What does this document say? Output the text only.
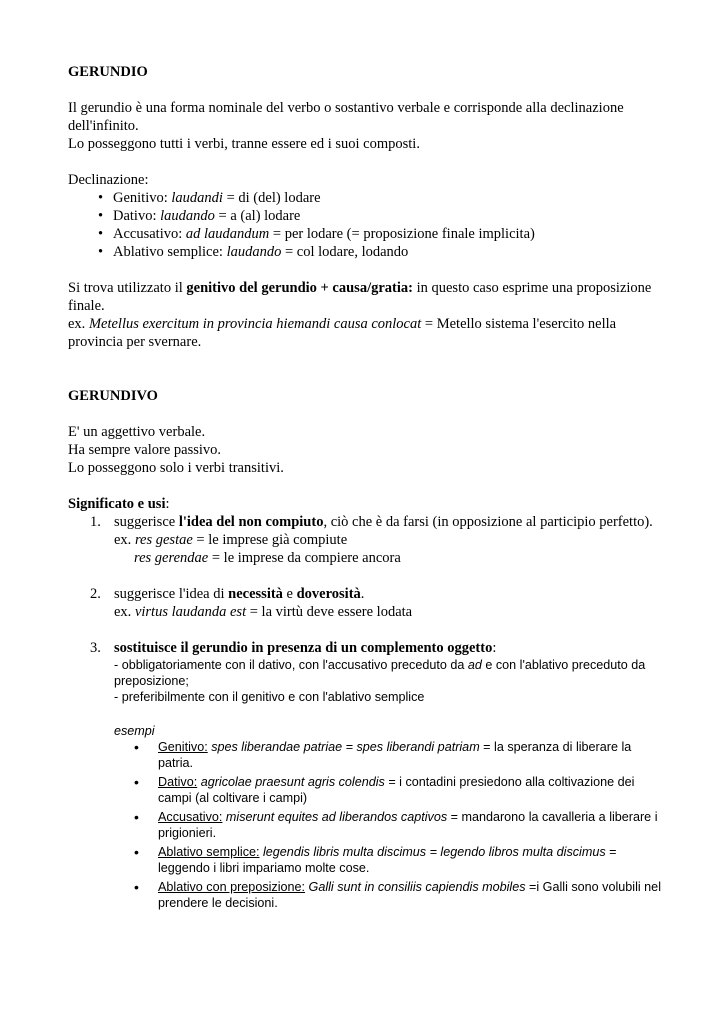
GERUNDIO

Il gerundio è una forma nominale del verbo o sostantivo verbale e corrisponde alla declinazione dell'infinito.

Lo posseggono tutti i verbi, tranne essere ed i suoi composti.

Declinazione:

• Genitivo: laudandi = di (del) lodare
• Dativo: laudando = a (al) lodare
• Accusativo: ad laudandum = per lodare (= proposizione finale implicita)
• Ablativo semplice: laudando = col lodare, lodando

Si trova utilizzato il genitivo del gerundio + causa/gratia: in questo caso esprime una proposizione finale.

ex. Metellus exercitum in provincia hiemandi causa conlocat = Metello sistema l'esercito nella provincia per svernare.

GERUNDIVO

E' un aggettivo verbale.

Ha sempre valore passivo.

Lo posseggono solo i verbi transitivi.

Significato e usi:

1. suggerisce l'idea del non compiuto, ciò che è da farsi (in opposizione al participio perfetto).
ex. res gestae = le imprese già compiute
res gerendae = le imprese da compiere ancora
2. suggerisce l'idea di necessità e doverosità.
ex. virtus laudanda est = la virtù deve essere lodata
3. sostituisce il gerundio in presenza di un complemento oggetto:
- obbligatoriamente con il dativo, con l'accusativo preceduto da ad e con l'ablativo preceduto da preposizione;
- preferibilmente con il genitivo e con l'ablativo semplice
esempi
• Genitivo: spes liberandae patriae = spes liberandi patriam = la speranza di liberare la patria.
• Dativo: agricolae praesunt agris colendis = i contadini presiedono alla coltivazione dei campi (al coltivare i campi)
• Accusativo: miserunt equites ad liberandos captivos = mandarono la cavalleria a liberare i prigionieri.
• Ablativo semplice: legendis libris multa discimus = legendo libros multa discimus = leggendo i libri impariamo molte cose.
• Ablativo con preposizione: Galli sunt in consiliis capiendis mobiles =i Galli sono volubili nel prendere le decisioni.
